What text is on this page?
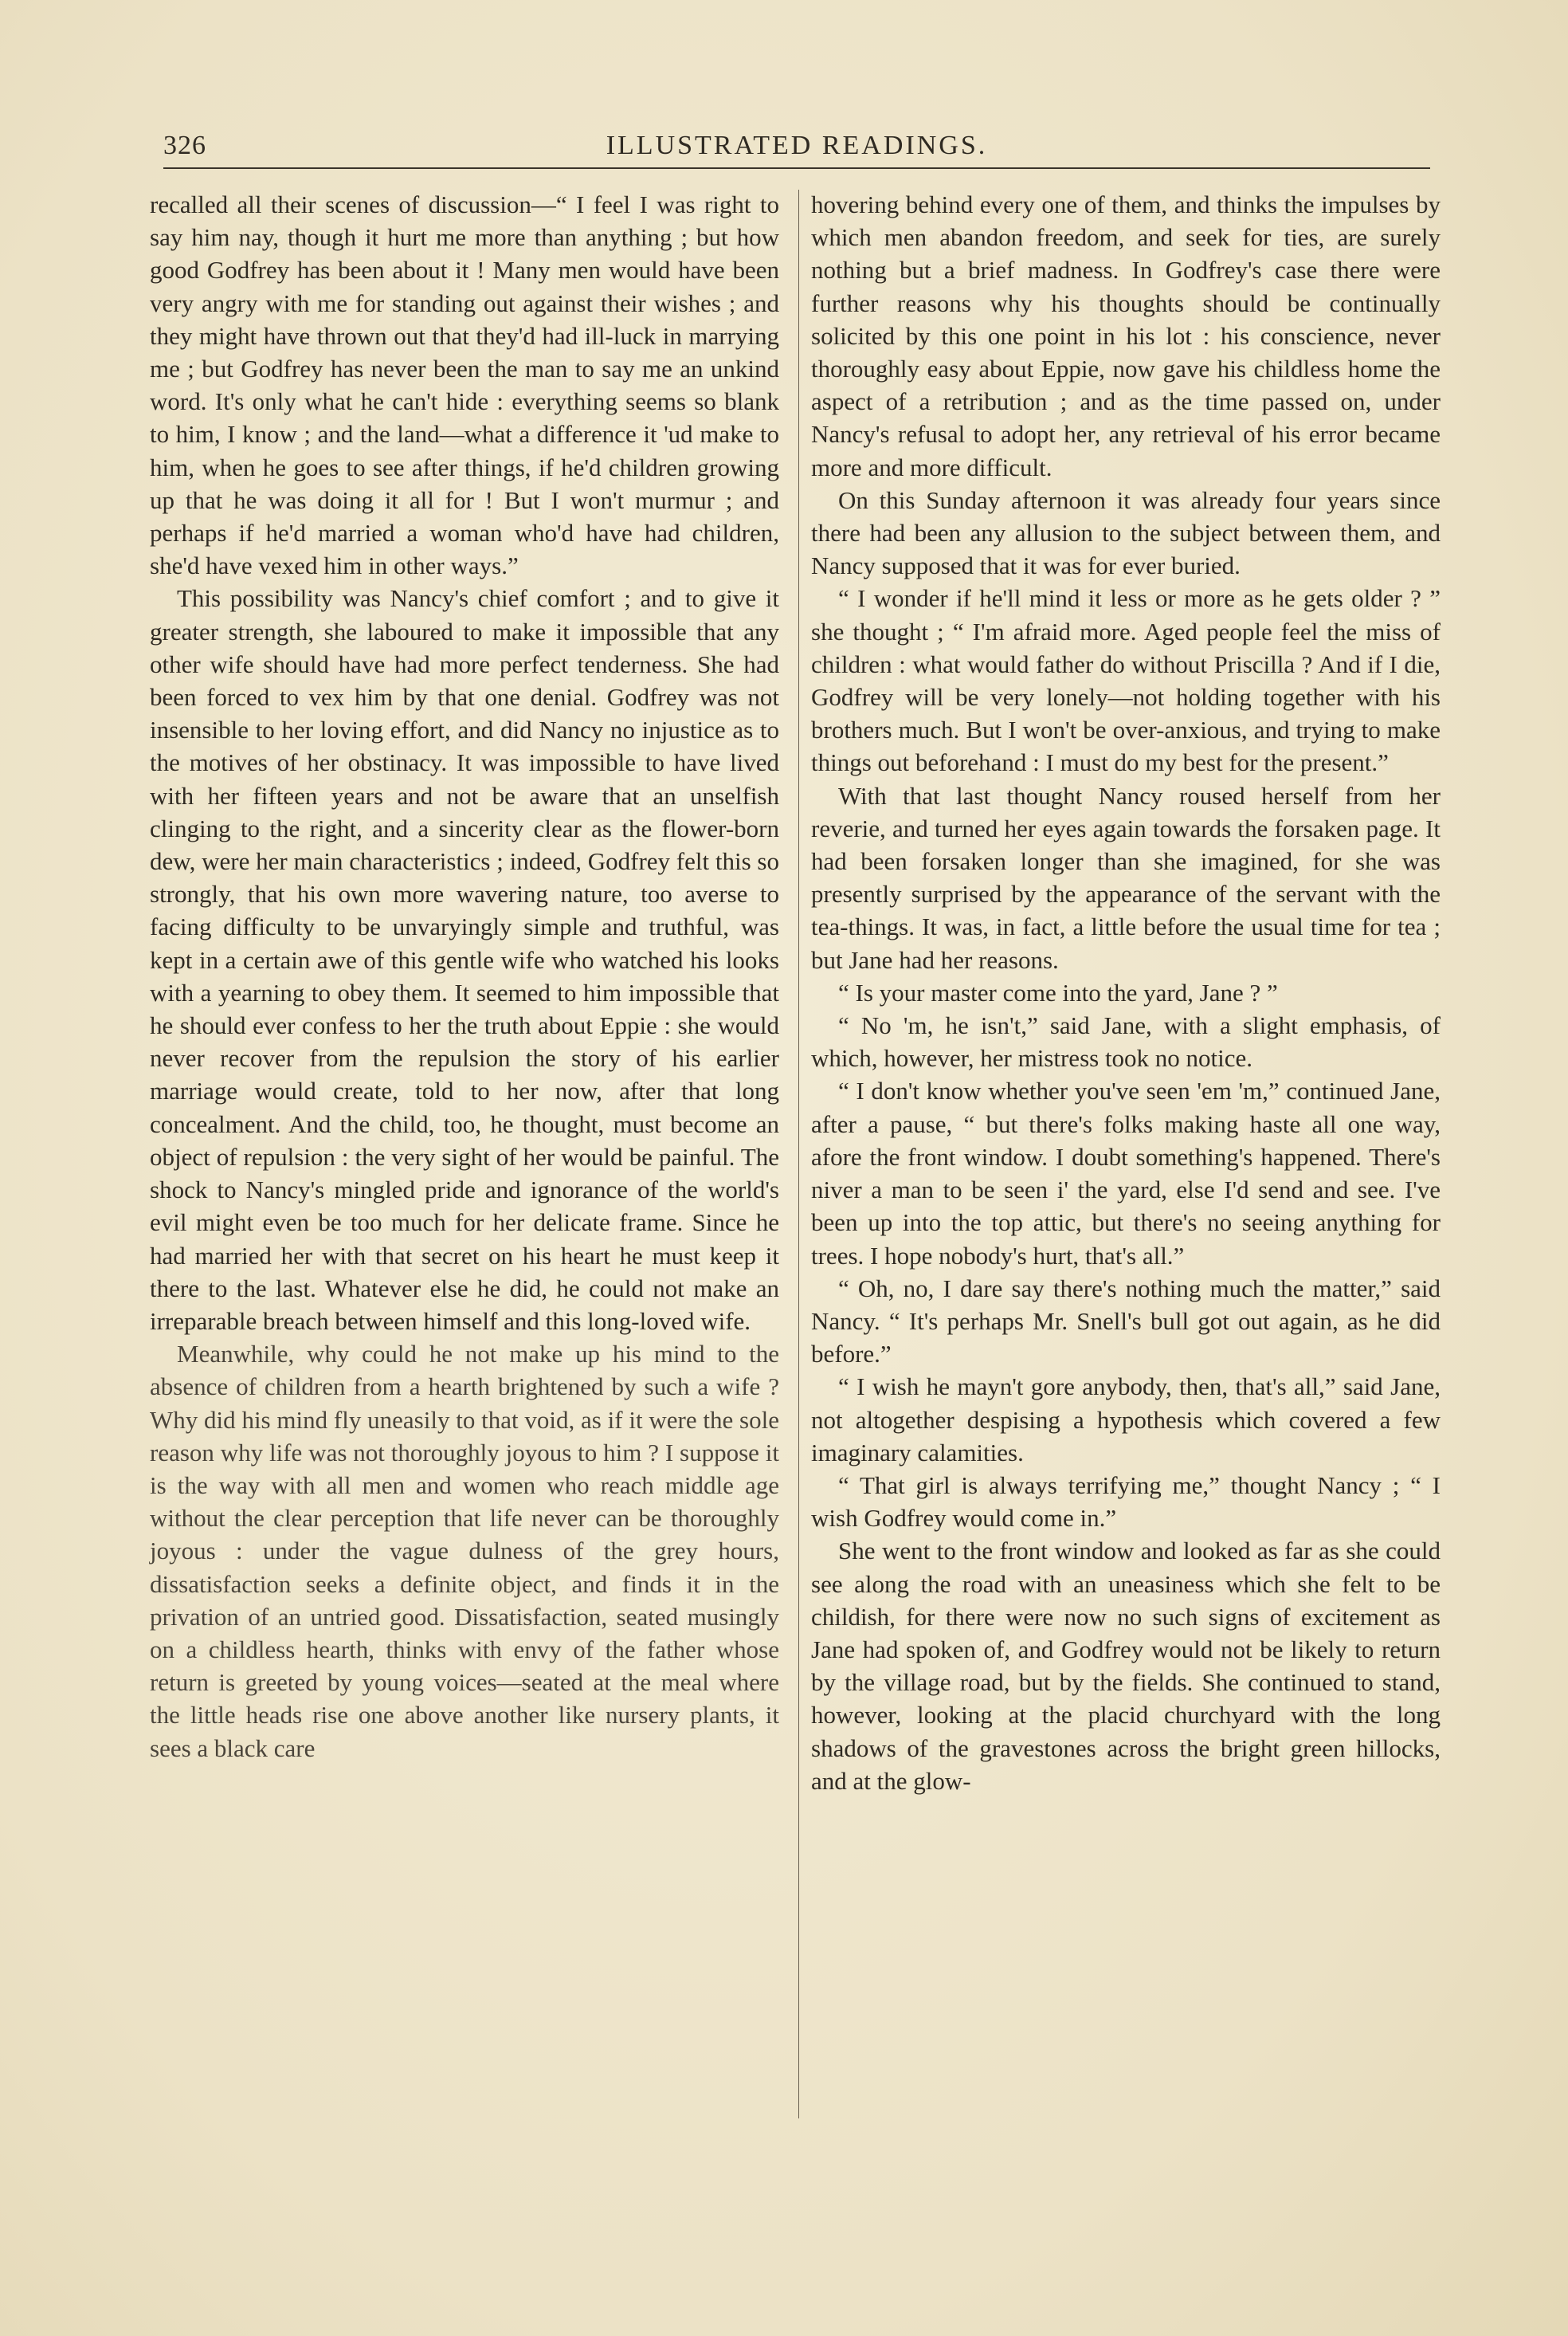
326	ILLUSTRATED READINGS.

recalled all their scenes of discussion—“ I feel I was right to say him nay, though it hurt me more than anything ; but how good Godfrey has been about it ! Many men would have been very angry with me for standing out against their wishes ; and they might have thrown out that they'd had ill-luck in marrying me ; but Godfrey has never been the man to say me an unkind word. It's only what he can't hide : everything seems so blank to him, I know ; and the land—what a difference it 'ud make to him, when he goes to see after things, if he'd children growing up that he was doing it all for ! But I won't murmur ; and perhaps if he'd married a woman who'd have had children, she'd have vexed him in other ways.”

This possibility was Nancy's chief comfort ; and to give it greater strength, she laboured to make it impossible that any other wife should have had more perfect tenderness. She had been forced to vex him by that one denial. Godfrey was not insensible to her loving effort, and did Nancy no injustice as to the motives of her obstinacy. It was impossible to have lived with her fifteen years and not be aware that an unselfish clinging to the right, and a sincerity clear as the flower-born dew, were her main characteristics ; indeed, Godfrey felt this so strongly, that his own more wavering nature, too averse to facing difficulty to be unvaryingly simple and truthful, was kept in a certain awe of this gentle wife who watched his looks with a yearning to obey them. It seemed to him impossible that he should ever confess to her the truth about Eppie : she would never recover from the repulsion the story of his earlier marriage would create, told to her now, after that long concealment. And the child, too, he thought, must become an object of repulsion : the very sight of her would be painful. The shock to Nancy's mingled pride and ignorance of the world's evil might even be too much for her delicate frame. Since he had married her with that secret on his heart he must keep it there to the last. Whatever else he did, he could not make an irreparable breach between himself and this long-loved wife.

Meanwhile, why could he not make up his mind to the absence of children from a hearth brightened by such a wife ? Why did his mind fly uneasily to that void, as if it were the sole reason why life was not thoroughly joyous to him ? I suppose it is the way with all men and women who reach middle age without the clear perception that life never can be thoroughly joyous : under the vague dulness of the grey hours, dissatisfaction seeks a definite object, and finds it in the privation of an untried good. Dissatisfaction, seated musingly on a childless hearth, thinks with envy of the father whose return is greeted by young voices—seated at the meal where the little heads rise one above another like nursery plants, it sees a black care

hovering behind every one of them, and thinks the impulses by which men abandon freedom, and seek for ties, are surely nothing but a brief madness. In Godfrey's case there were further reasons why his thoughts should be continually solicited by this one point in his lot : his conscience, never thoroughly easy about Eppie, now gave his childless home the aspect of a retribution ; and as the time passed on, under Nancy's refusal to adopt her, any retrieval of his error became more and more difficult.

On this Sunday afternoon it was already four years since there had been any allusion to the subject between them, and Nancy supposed that it was for ever buried.

“ I wonder if he'll mind it less or more as he gets older ? ” she thought ; “ I'm afraid more. Aged people feel the miss of children : what would father do without Priscilla ? And if I die, Godfrey will be very lonely—not holding together with his brothers much. But I won't be over-anxious, and trying to make things out beforehand : I must do my best for the present.”

With that last thought Nancy roused herself from her reverie, and turned her eyes again towards the forsaken page. It had been forsaken longer than she imagined, for she was presently surprised by the appearance of the servant with the tea-things. It was, in fact, a little before the usual time for tea ; but Jane had her reasons.

“ Is your master come into the yard, Jane ? ”

“ No 'm, he isn't,” said Jane, with a slight emphasis, of which, however, her mistress took no notice.

“ I don't know whether you've seen 'em 'm,” continued Jane, after a pause, “ but there's folks making haste all one way, afore the front window. I doubt something's happened. There's niver a man to be seen i' the yard, else I'd send and see. I've been up into the top attic, but there's no seeing anything for trees. I hope nobody's hurt, that's all.”

“ Oh, no, I dare say there's nothing much the matter,” said Nancy. “ It's perhaps Mr. Snell's bull got out again, as he did before.”

“ I wish he mayn't gore anybody, then, that's all,” said Jane, not altogether despising a hypothesis which covered a few imaginary calamities.

“ That girl is always terrifying me,” thought Nancy ; “ I wish Godfrey would come in.”

She went to the front window and looked as far as she could see along the road with an uneasiness which she felt to be childish, for there were now no such signs of excitement as Jane had spoken of, and Godfrey would not be likely to return by the village road, but by the fields. She continued to stand, however, looking at the placid churchyard with the long shadows of the gravestones across the bright green hillocks, and at the glow-
